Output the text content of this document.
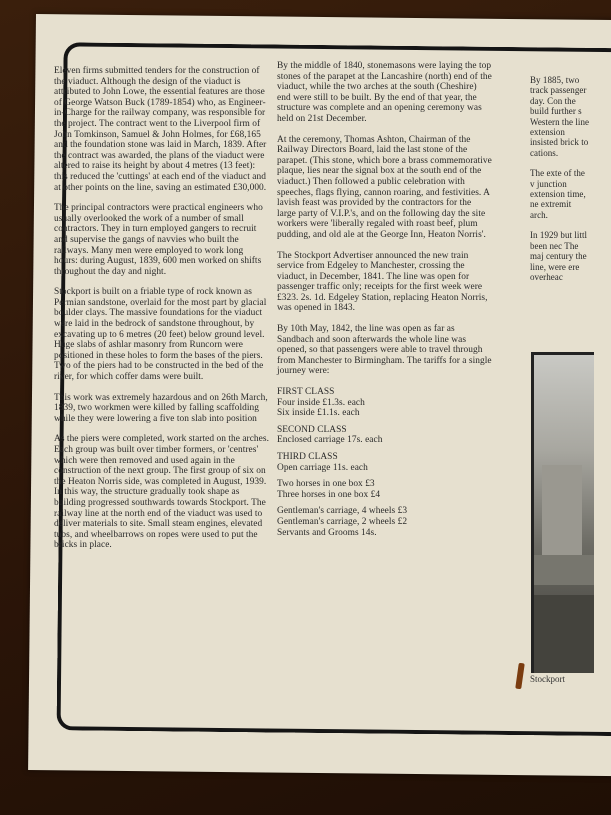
Eleven firms submitted tenders for the construction of the viaduct. Although the design of the viaduct is attributed to John Lowe, the essential features are those of George Watson Buck (1789-1854) who, as Engineer-in-Charge for the railway company, was responsible for the project. The contract went to the Liverpool firm of John Tomkinson, Samuel & John Holmes, for £68,165 and the foundation stone was laid in March, 1839. After the contract was awarded, the plans of the viaduct were altered to raise its height by about 4 metres (13 feet): this reduced the 'cuttings' at each end of the viaduct and at other points on the line, saving an estimated £30,000.

The principal contractors were practical engineers who usually overlooked the work of a number of small contractors. They in turn employed gangers to recruit and supervise the gangs of navvies who built the railways. Many men were employed to work long hours: during August, 1839, 600 men worked on shifts throughout the day and night.

Stockport is built on a friable type of rock known as Permian sandstone, overlaid for the most part by glacial boulder clays. The massive foundations for the viaduct were laid in the bedrock of sandstone throughout, by excavating up to 6 metres (20 feet) below ground level. Huge slabs of ashlar masonry from Runcorn were positioned in these holes to form the bases of the piers. Two of the piers had to be constructed in the bed of the river, for which coffer dams were built.

This work was extremely hazardous and on 26th March, 1839, two workmen were killed by falling scaffolding while they were lowering a five ton slab into position

As the piers were completed, work started on the arches. Each group was built over timber formers, or 'centres' which were then removed and used again in the construction of the next group. The first group of six on the Heaton Norris side, was completed in August, 1939. In this way, the structure gradually took shape as building progressed southwards towards Stockport. The railway line at the north end of the viaduct was used to deliver materials to site. Small steam engines, elevated tubs, and wheelbarrows on ropes were used to put the bricks in place.

By the middle of 1840, stonemasons were laying the top stones of the parapet at the Lancashire (north) end of the viaduct, while the two arches at the south (Cheshire) end were still to be built. By the end of that year, the structure was complete and an opening ceremony was held on 21st December.

At the ceremony, Thomas Ashton, Chairman of the Railway Directors Board, laid the last stone of the parapet. (This stone, which bore a brass commemorative plaque, lies near the signal box at the south end of the viaduct.) Then followed a public celebration with speeches, flags flying, cannon roaring, and festivities. A lavish feast was provided by the contractors for the large party of V.I.P.'s, and on the following day the site workers were 'liberally regaled with roast beef, plum pudding, and old ale at the George Inn, Heaton Norris'.

The Stockport Advertiser announced the new train service from Edgeley to Manchester, crossing the viaduct, in December, 1841. The line was open for passenger traffic only; receipts for the first week were £323. 2s. 1d. Edgeley Station, replacing Heaton Norris, was opened in 1843.

By 10th May, 1842, the line was open as far as Sandbach and soon afterwards the whole line was opened, so that passengers were able to travel through from Manchester to Birmingham. The tariffs for a single journey were:

FIRST CLASS
Four inside £1.3s. each
Six inside £1.1s. each

SECOND CLASS
Enclosed carriage 17s. each

THIRD CLASS
Open carriage 11s. each

Two horses in one box £3
Three horses in one box £4

Gentleman's carriage, 4 wheels £3
Gentleman's carriage, 2 wheels £2
Servants and Grooms 14s.

By 1885, two track passenger day. Con the build further s Western the line extension insisted brick to cations.

The exte of the v junction extension time, ne extremit arch.

In 1929 but littl been nec The maj century the line, were ere overheac

Stockport
